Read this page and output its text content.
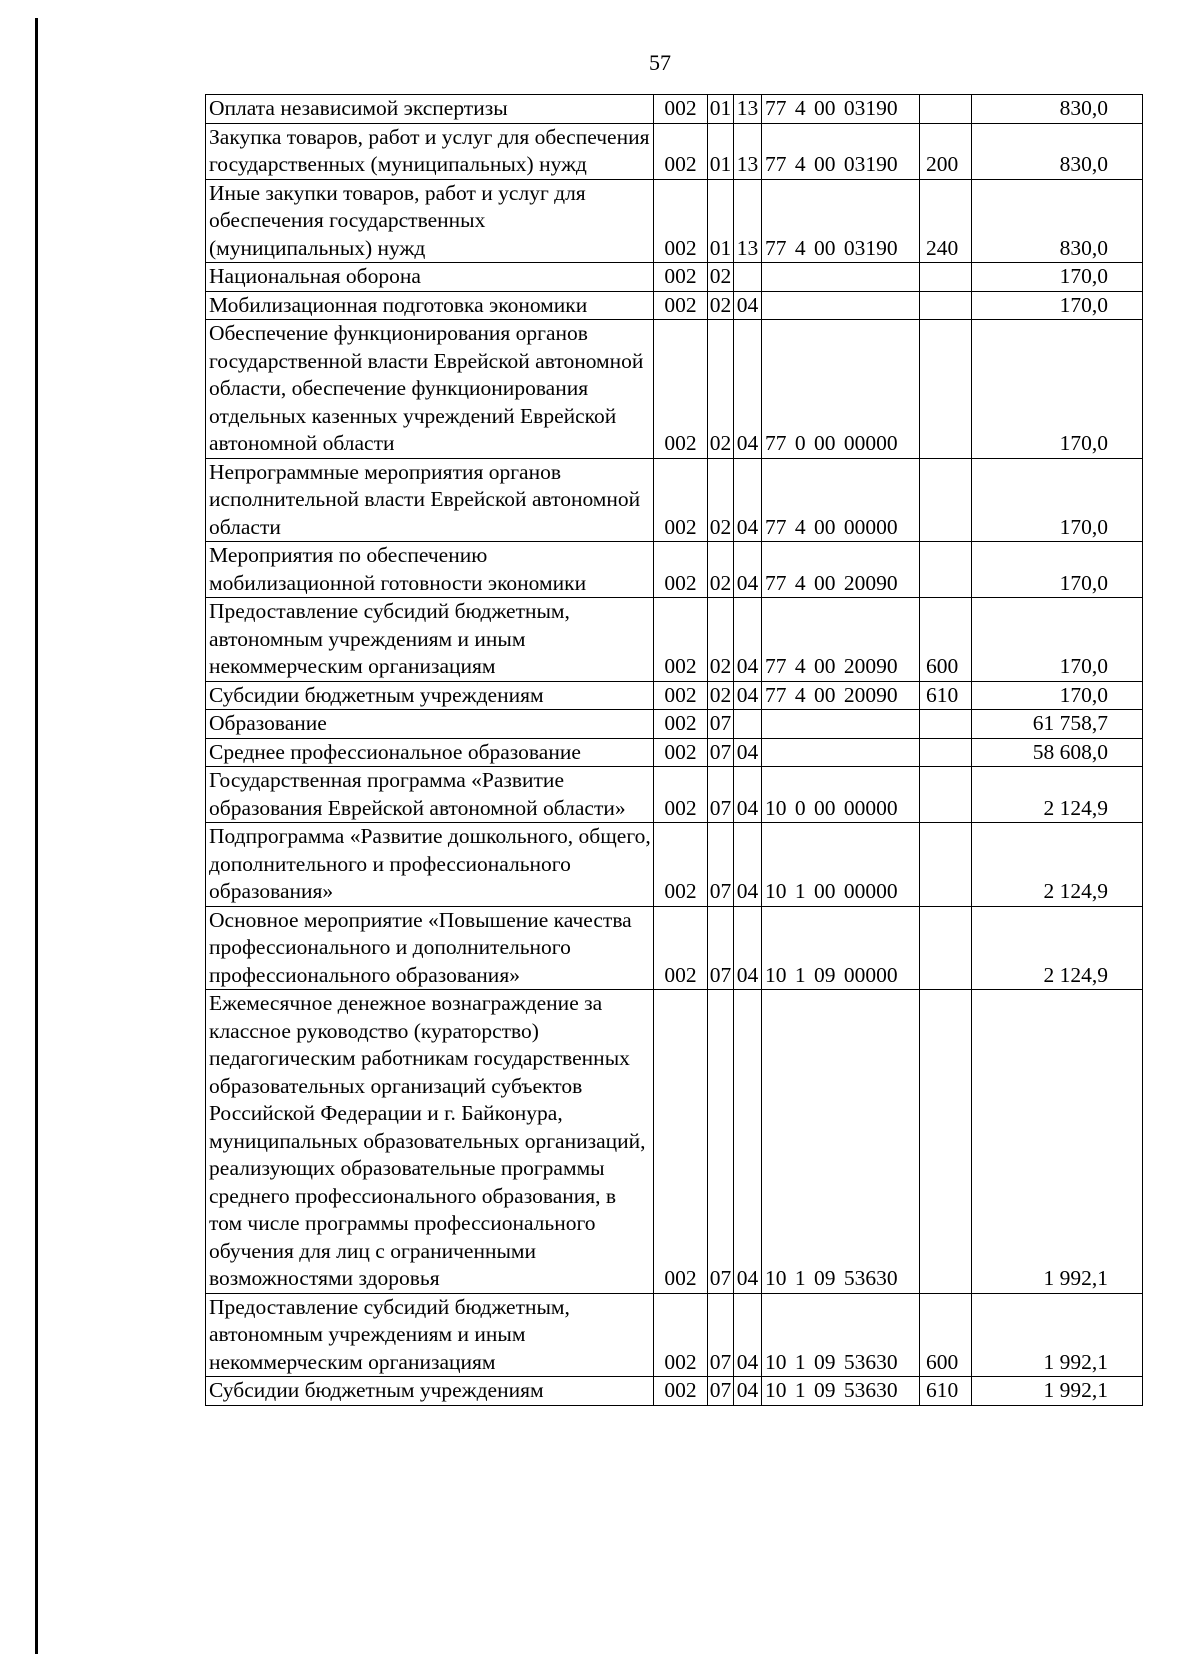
57
Оплата независимой экспертизы	002	01	13	77 4 00 03190		830,0
Закупка товаров, работ и услуг для обеспечения государственных (муниципальных) нужд	002	01	13	77 4 00 03190	200	830,0
Иные закупки товаров, работ и услуг для обеспечения государственных (муниципальных) нужд	002	01	13	77 4 00 03190	240	830,0
Национальная оборона	002	02				170,0
Мобилизационная подготовка экономики	002	02	04			170,0
Обеспечение функционирования органов государственной власти Еврейской автономной области, обеспечение функционирования отдельных казенных учреждений Еврейской автономной области	002	02	04	77 0 00 00000		170,0
Непрограммные мероприятия органов исполнительной власти Еврейской автономной области	002	02	04	77 4 00 00000		170,0
Мероприятия по обеспечению мобилизационной готовности экономики	002	02	04	77 4 00 20090		170,0
Предоставление субсидий бюджетным, автономным учреждениям и иным некоммерческим организациям	002	02	04	77 4 00 20090	600	170,0
Субсидии бюджетным учреждениям	002	02	04	77 4 00 20090	610	170,0
Образование	002	07				61 758,7
Среднее профессиональное образование	002	07	04			58 608,0
Государственная программа «Развитие образования Еврейской автономной области»	002	07	04	10 0 00 00000		2 124,9
Подпрограмма «Развитие дошкольного, общего, дополнительного и профессионального образования»	002	07	04	10 1 00 00000		2 124,9
Основное мероприятие «Повышение качества профессионального и дополнительного профессионального образования»	002	07	04	10 1 09 00000		2 124,9
Ежемесячное денежное вознаграждение за классное руководство (кураторство) педагогическим работникам государственных образовательных организаций субъектов Российской Федерации и г. Байконура, муниципальных образовательных организаций, реализующих образовательные программы среднего профессионального образования, в том числе программы профессионального обучения для лиц с ограниченными возможностями здоровья	002	07	04	10 1 09 53630		1 992,1
Предоставление субсидий бюджетным, автономным учреждениям и иным некоммерческим организациям	002	07	04	10 1 09 53630	600	1 992,1
Субсидии бюджетным учреждениям	002	07	04	10 1 09 53630	610	1 992,1
